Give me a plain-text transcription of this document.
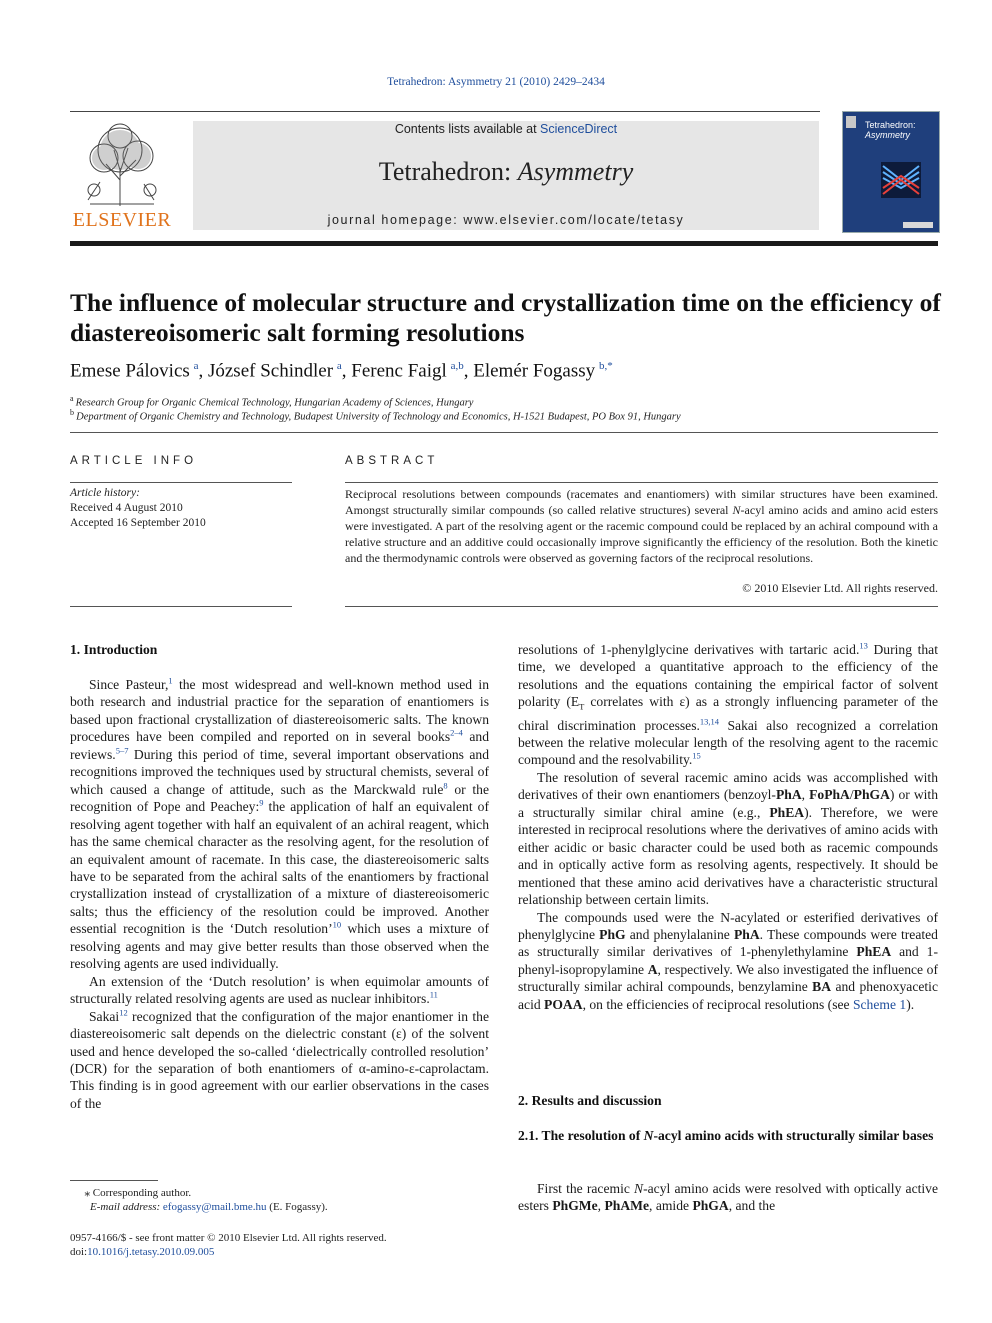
Tetrahedron: Asymmetry 21 (2010) 2429–2434
ELSEVIER
Contents lists available at ScienceDirect
Tetrahedron: Asymmetry
journal homepage: www.elsevier.com/locate/tetasy
Tetrahedron:
Asymmetry
The influence of molecular structure and crystallization time on the efficiency of diastereoisomeric salt forming resolutions
Emese Pálovics  $^a$, József Schindler  $^a$, Ferenc Faigl  $^{a,b}$, Elemér Fogassy  $^{b,*}$
$^a$  Research Group for Organic Chemical Technology, Hungarian Academy of Sciences, Hungary
$^b$  Department of Organic Chemistry and Technology, Budapest University of Technology and Economics, H-1521 Budapest, PO Box 91, Hungary
ARTICLE INFO
Article history:
Received 4 August 2010
Accepted 16 September 2010
ABSTRACT
Reciprocal resolutions between compounds (racemates and enantiomers) with similar structures have been examined. Amongst structurally similar compounds (so called relative structures) several N-acyl amino acids and amino acid esters were investigated. A part of the resolving agent or the racemic compound could be replaced by an achiral compound with a relative structure and an additive could occasionally improve significantly the efficiency of the resolution. Both the kinetic and the thermodynamic controls were observed as governing factors of the reciprocal resolutions.
© 2010 Elsevier Ltd. All rights reserved.
1. Introduction

Since Pasteur,$^1$ the most widespread and well-known method used in both research and industrial practice for the separation of enantiomers is based upon fractional crystallization of diastereoisomeric salts. The known procedures have been compiled and reported on in several books$^{2-4}$ and reviews.$^{5-7}$ During this period of time, several important observations and recognitions improved the techniques used by structural chemists, several of which caused a change of attitude, such as the Marckwald rule$^8$ or the recognition of Pope and Peachey:$^9$ the application of half an equivalent of resolving agent together with half an equivalent of an achiral reagent, which has the same chemical character as the resolving agent, for the resolution of an equivalent amount of racemate. In this case, the diastereoisomeric salts have to be separated from the achiral salts of the enantiomers by fractional crystallization instead of crystallization of a mixture of diastereoisomeric salts; thus the efficiency of the resolution could be improved. Another essential recognition is the ‘Dutch resolution’$^{10}$ which uses a mixture of resolving agents and may give better results than those observed when the resolving agents are used individually.

An extension of the ‘Dutch resolution’ is when equimolar amounts of structurally related resolving agents are used as nuclear inhibitors.$^{11}$

Sakai$^{12}$ recognized that the configuration of the major enantiomer in the diastereoisomeric salt depends on the dielectric constant (ε) of the solvent used and hence developed the so-called ‘dielectrically controlled resolution’ (DCR) for the separation of both enantiomers of α-amino-ε-caprolactam. This finding is in good agreement with our earlier observations in the cases of the

resolutions of 1-phenylglycine derivatives with tartaric acid.$^{13}$ During that time, we developed a quantitative approach to the efficiency of the resolutions and the equations containing the empirical factor of solvent polarity ($E_T$ correlates with ε) as a strongly influencing parameter of the chiral discrimination processes.$^{13,14}$ Sakai also recognized a correlation between the relative molecular length of the resolving agent to the racemic compound and the resolvability.$^{15}$

The resolution of several racemic amino acids was accomplished with derivatives of their own enantiomers (benzoyl-PhA, FoPhA/PhGA) or with a structurally similar chiral amine (e.g., PhEA). Therefore, we were interested in reciprocal resolutions where the derivatives of amino acids with either acidic or basic character could be used both as racemic compounds and in optically active form as resolving agents, respectively. It should be mentioned that these amino acid derivatives have a characteristic structural relationship between certain limits.

The compounds used were the N-acylated or esterified derivatives of phenylglycine PhG and phenylalanine PhA. These compounds were treated as structurally similar derivatives of 1-phenylethylamine PhEA and 1-phenyl-isopropylamine A, respectively. We also investigated the influence of structurally similar achiral compounds, benzylamine BA and phenoxyacetic acid POAA, on the efficiencies of reciprocal resolutions (see Scheme 1).

2. Results and discussion
2.1. The resolution of N-acyl amino acids with structurally similar bases

First the racemic N-acyl amino acids were resolved with optically active esters PhGMe, PhAMe, amide PhGA, and the

⁎ Corresponding author.
E-mail address: efogassy@mail.bme.hu (E. Fogassy).
0957-4166/$ - see front matter © 2010 Elsevier Ltd. All rights reserved.
doi:10.1016/j.tetasy.2010.09.005
